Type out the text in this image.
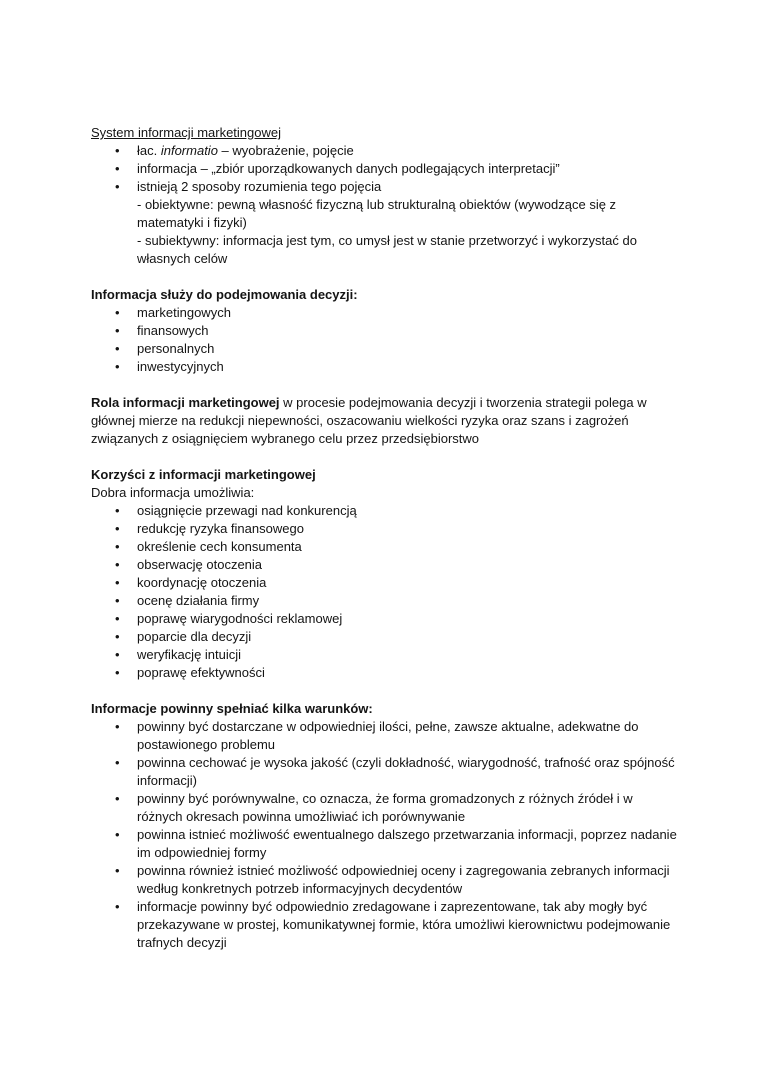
System informacji marketingowej
• łac. informatio – wyobrażenie, pojęcie
• informacja – „zbiór uporządkowanych danych podlegających interpretacji”
• istnieją 2 sposoby rozumienia tego pojęcia
- obiektywne: pewną własność fizyczną lub strukturalną obiektów (wywodzące się z matematyki i fizyki)
- subiektywny: informacja jest tym, co umysł jest w stanie przetworzyć i wykorzystać do własnych celów
Informacja służy do podejmowania decyzji:
• marketingowych
• finansowych
• personalnych
• inwestycyjnych
Rola informacji marketingowej w procesie podejmowania decyzji i tworzenia strategii polega w głównej mierze na redukcji niepewności, oszacowaniu wielkości ryzyka oraz szans i zagrożeń związanych z osiągnięciem wybranego celu przez przedsiębiorstwo
Korzyści z informacji marketingowej
Dobra informacja umożliwia:
• osiągnięcie przewagi nad konkurencją
• redukcję ryzyka finansowego
• określenie cech konsumenta
• obserwację otoczenia
• koordynację otoczenia
• ocenę działania firmy
• poprawę wiarygodności reklamowej
• poparcie dla decyzji
• weryfikację intuicji
• poprawę efektywności
Informacje powinny spełniać kilka warunków:
• powinny być dostarczane w odpowiedniej ilości, pełne, zawsze aktualne, adekwatne do postawionego problemu
• powinna cechować je wysoka jakość (czyli dokładność, wiarygodność, trafność oraz spójność informacji)
• powinny być porównywalne, co oznacza, że forma gromadzonych z różnych źródeł i w różnych okresach powinna umożliwiać ich porównywanie
• powinna istnieć możliwość ewentualnego dalszego przetwarzania informacji, poprzez nadanie im odpowiedniej formy
• powinna również istnieć możliwość odpowiedniej oceny i zagregowania zebranych informacji według konkretnych potrzeb informacyjnych decydentów
• informacje powinny być odpowiednio zredagowane i zaprezentowane, tak aby mogły być przekazywane w prostej, komunikatywnej formie, która umożliwi kierownictwu podejmowanie trafnych decyzji
